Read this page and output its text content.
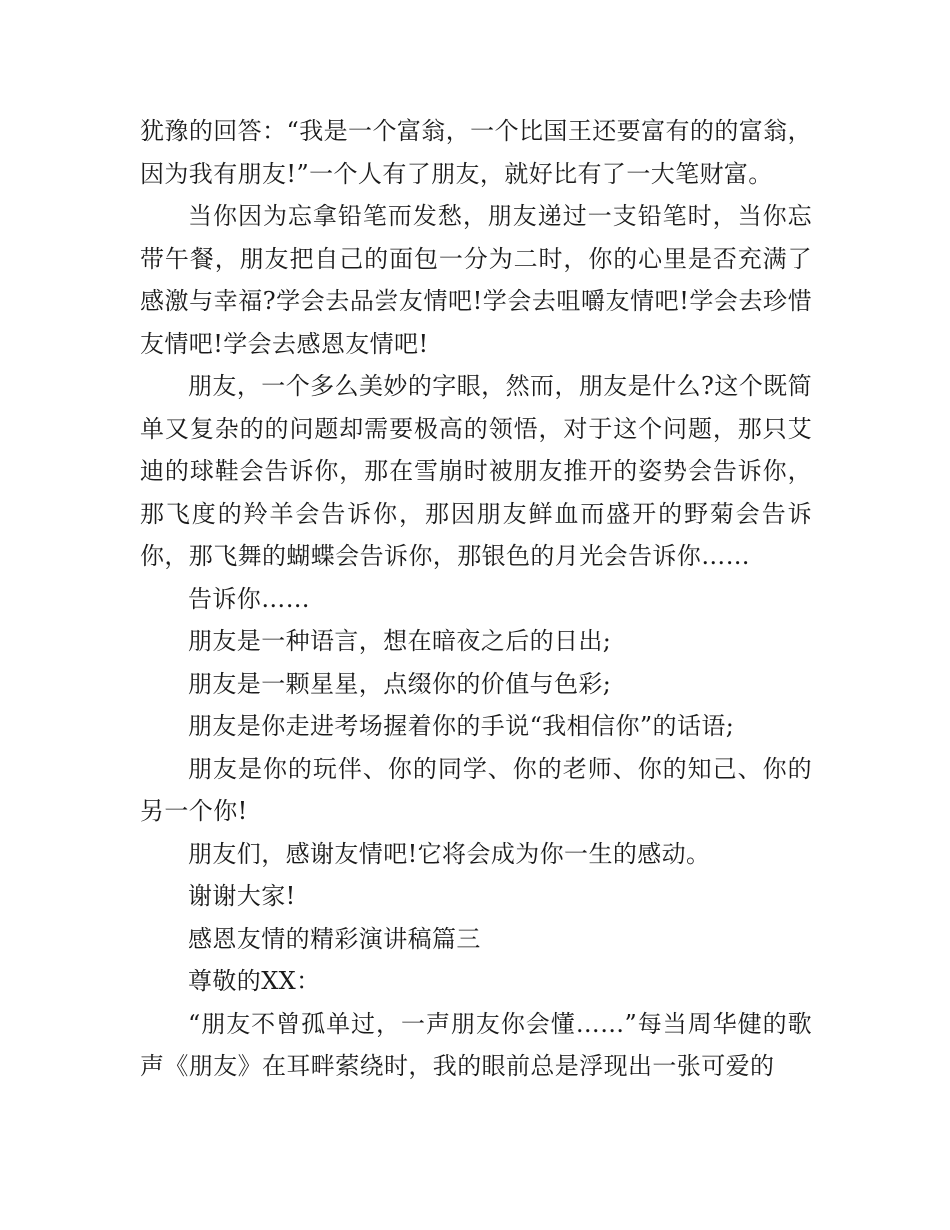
犹豫的回答：“我是一个富翁，一个比国王还要富有的的富翁，因为我有朋友!”一个人有了朋友，就好比有了一大笔财富。

当你因为忘拿铅笔而发愁，朋友递过一支铅笔时，当你忘带午餐，朋友把自己的面包一分为二时，你的心里是否充满了感激与幸福?学会去品尝友情吧!学会去咀嚼友情吧!学会去珍惜友情吧!学会去感恩友情吧!

朋友，一个多么美妙的字眼，然而，朋友是什么?这个既简单又复杂的的问题却需要极高的领悟，对于这个问题，那只艾迪的球鞋会告诉你，那在雪崩时被朋友推开的姿势会告诉你，那飞度的羚羊会告诉你，那因朋友鲜血而盛开的野菊会告诉你，那飞舞的蝴蝶会告诉你，那银色的月光会告诉你……

告诉你……

朋友是一种语言，想在暗夜之后的日出;

朋友是一颗星星，点缀你的价值与色彩;

朋友是你走进考场握着你的手说“我相信你”的话语;

朋友是你的玩伴、你的同学、你的老师、你的知己、你的另一个你!

朋友们，感谢友情吧!它将会成为你一生的感动。

谢谢大家!

感恩友情的精彩演讲稿篇三

尊敬的XX：

“朋友不曾孤单过，一声朋友你会懂……”每当周华健的歌声《朋友》在耳畔萦绕时，我的眼前总是浮现出一张可爱的
